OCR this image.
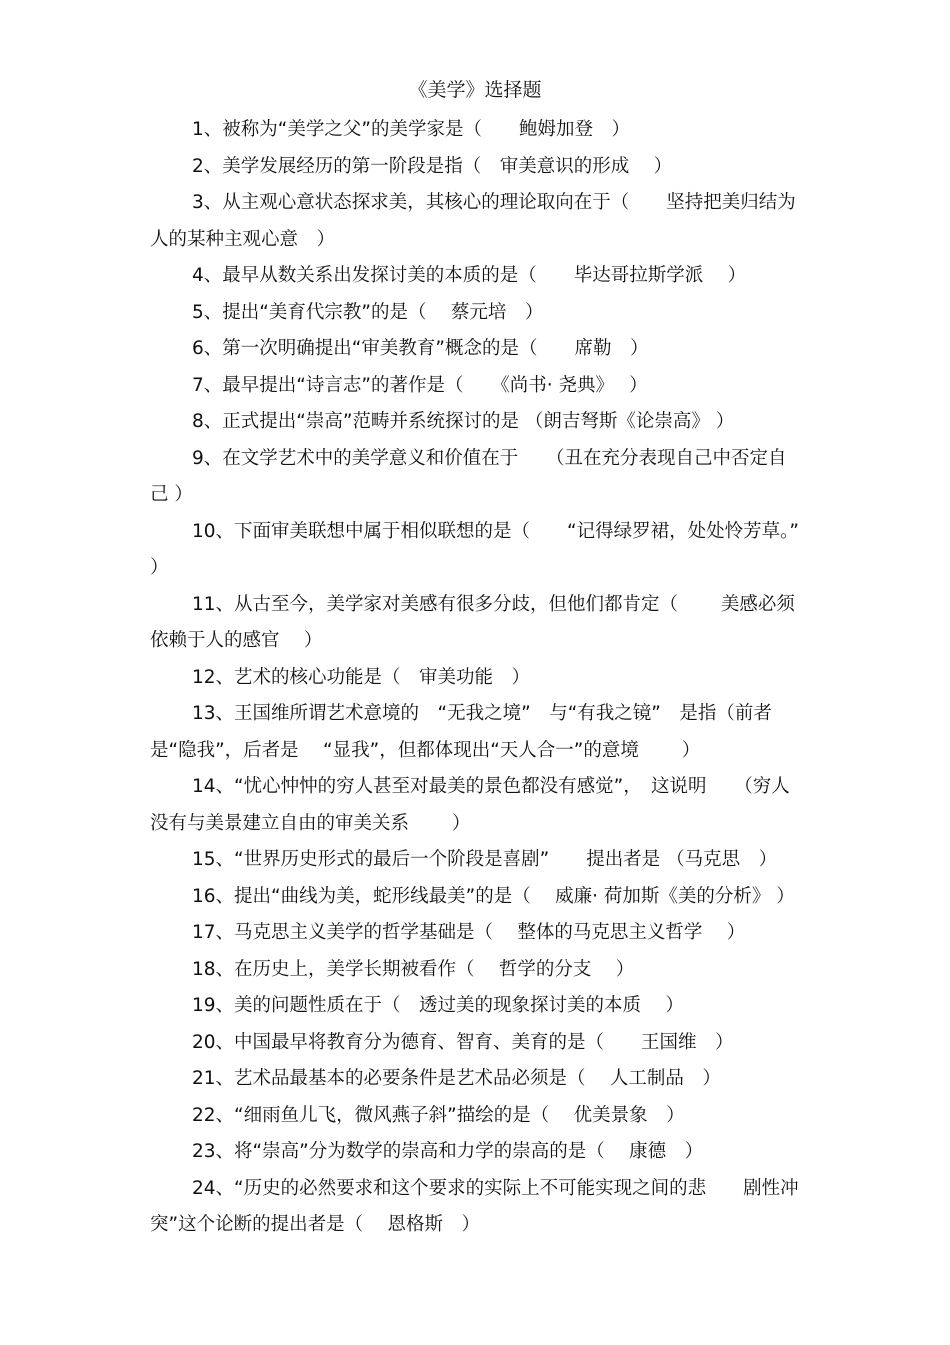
《美学》选择题
1、被称为“美学之父”的美学家是（　　鲍姆加登　）
2、美学发展经历的第一阶段是指（　审美意识的形成　 ）
3、从主观心意状态探求美，其核心的理论取向在于（　　坚持把美归结为人的某种主观心意　）
4、最早从数关系出发探讨美的本质的是（　　毕达哥拉斯学派　 ）
5、提出“美育代宗教”的是（　 蔡元培　）
6、第一次明确提出“审美教育”概念的是（　　席勒　）
7、最早提出“诗言志”的著作是（　　《尚书· 尧典》　 ）
8、正式提出“崇高”范畴并系统探讨的是 （朗吉弩斯《论崇高》 ）
9、在文学艺术中的美学意义和价值在于　　（丑在充分表现自己中否定自己 ）
10、下面审美联想中属于相似联想的是（　　“记得绿罗裙，处处怜芳草。”　 ）
11、从古至今，美学家对美感有很多分歧，但他们都肯定（　　 美感必须依赖于人的感官　 ）
12、艺术的核心功能是（　审美功能　）
13、王国维所谓艺术意境的　“无我之境”　与“有我之镜”　是指（前者是“隐我”，后者是　 “显我”，但都体现出“天人合一”的意境　　 ）
14、“忧心忡忡的穷人甚至对最美的景色都没有感觉”，　这说明　　（穷人没有与美景建立自由的审美关系　　 ）
15、“世界历史形式的最后一个阶段是喜剧”　　提出者是 （马克思　）
16、提出“曲线为美，蛇形线最美”的是（　 威廉· 荷加斯《美的分析》 ）
17、马克思主义美学的哲学基础是（　 整体的马克思主义哲学　 ）
18、在历史上，美学长期被看作（　 哲学的分支　 ）
19、美的问题性质在于（　透过美的现象探讨美的本质　 ）
20、中国最早将教育分为德育、智育、美育的是（　　王国维　）
21、艺术品最基本的必要条件是艺术品必须是（　 人工制品　）
22、“细雨鱼儿飞，微风燕子斜”描绘的是（　 优美景象　）
23、将“崇高”分为数学的崇高和力学的崇高的是（　 康德　）
24、“历史的必然要求和这个要求的实际上不可能实现之间的悲　　剧性冲突”这个论断的提出者是（　 恩格斯　）
